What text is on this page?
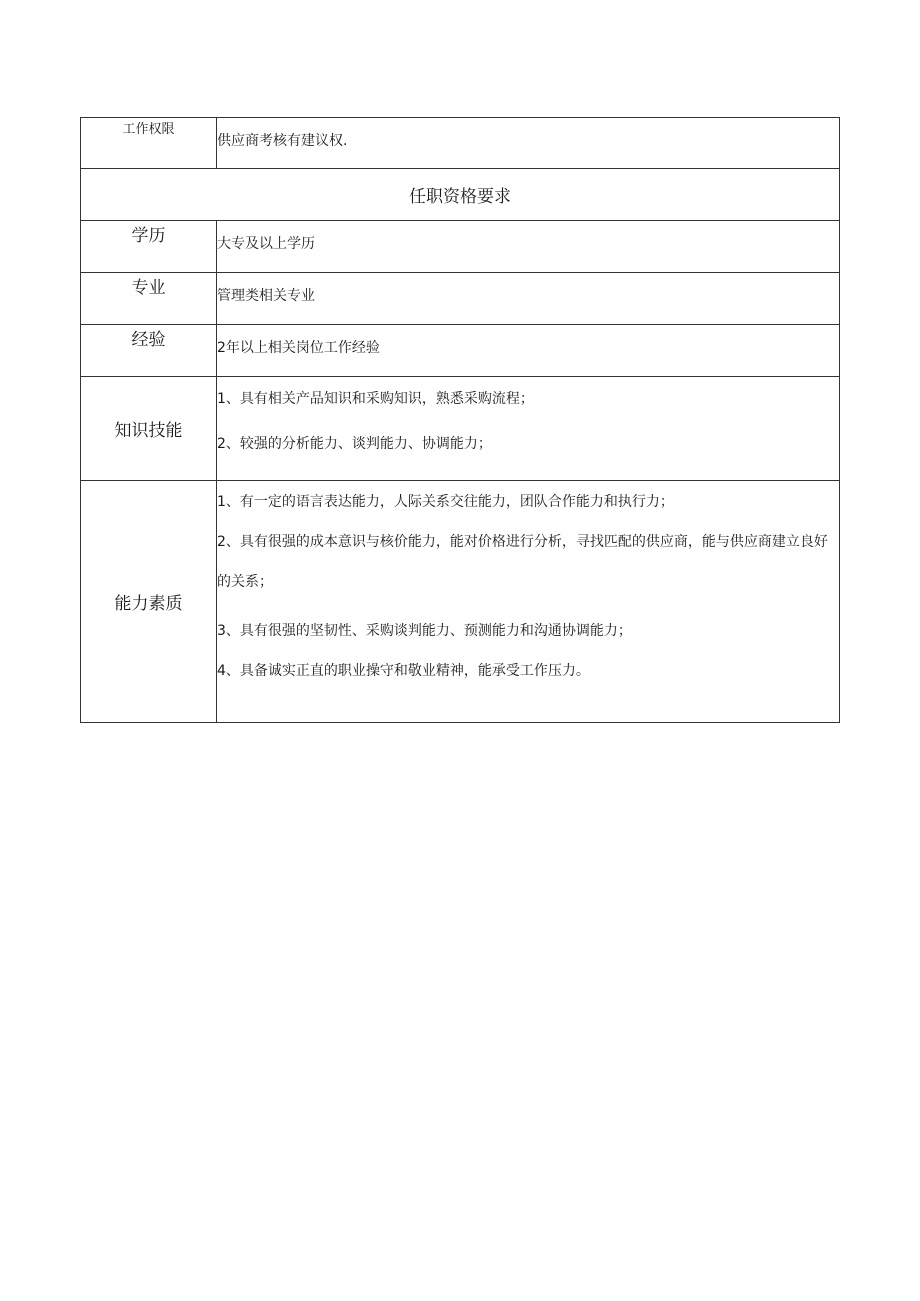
工作权限	供应商考核有建议权.
任职资格要求	
学历	大专及以上学历
专业	管理类相关专业
经验	2年以上相关岗位工作经验
知识技能	1、具有相关产品知识和采购知识，熟悉采购流程；
2、较强的分析能力、谈判能力、协调能力；

能力素质	1、有一定的语言表达能力，人际关系交往能力，团队合作能力和执行力；
2、具有很强的成本意识与核价能力，能对价格进行分析，寻找匹配的供应商，能与供应商建立良好的关系；
3、具有很强的坚韧性、采购谈判能力、预测能力和沟通协调能力；
4、具备诚实正直的职业操守和敬业精神，能承受工作压力。
